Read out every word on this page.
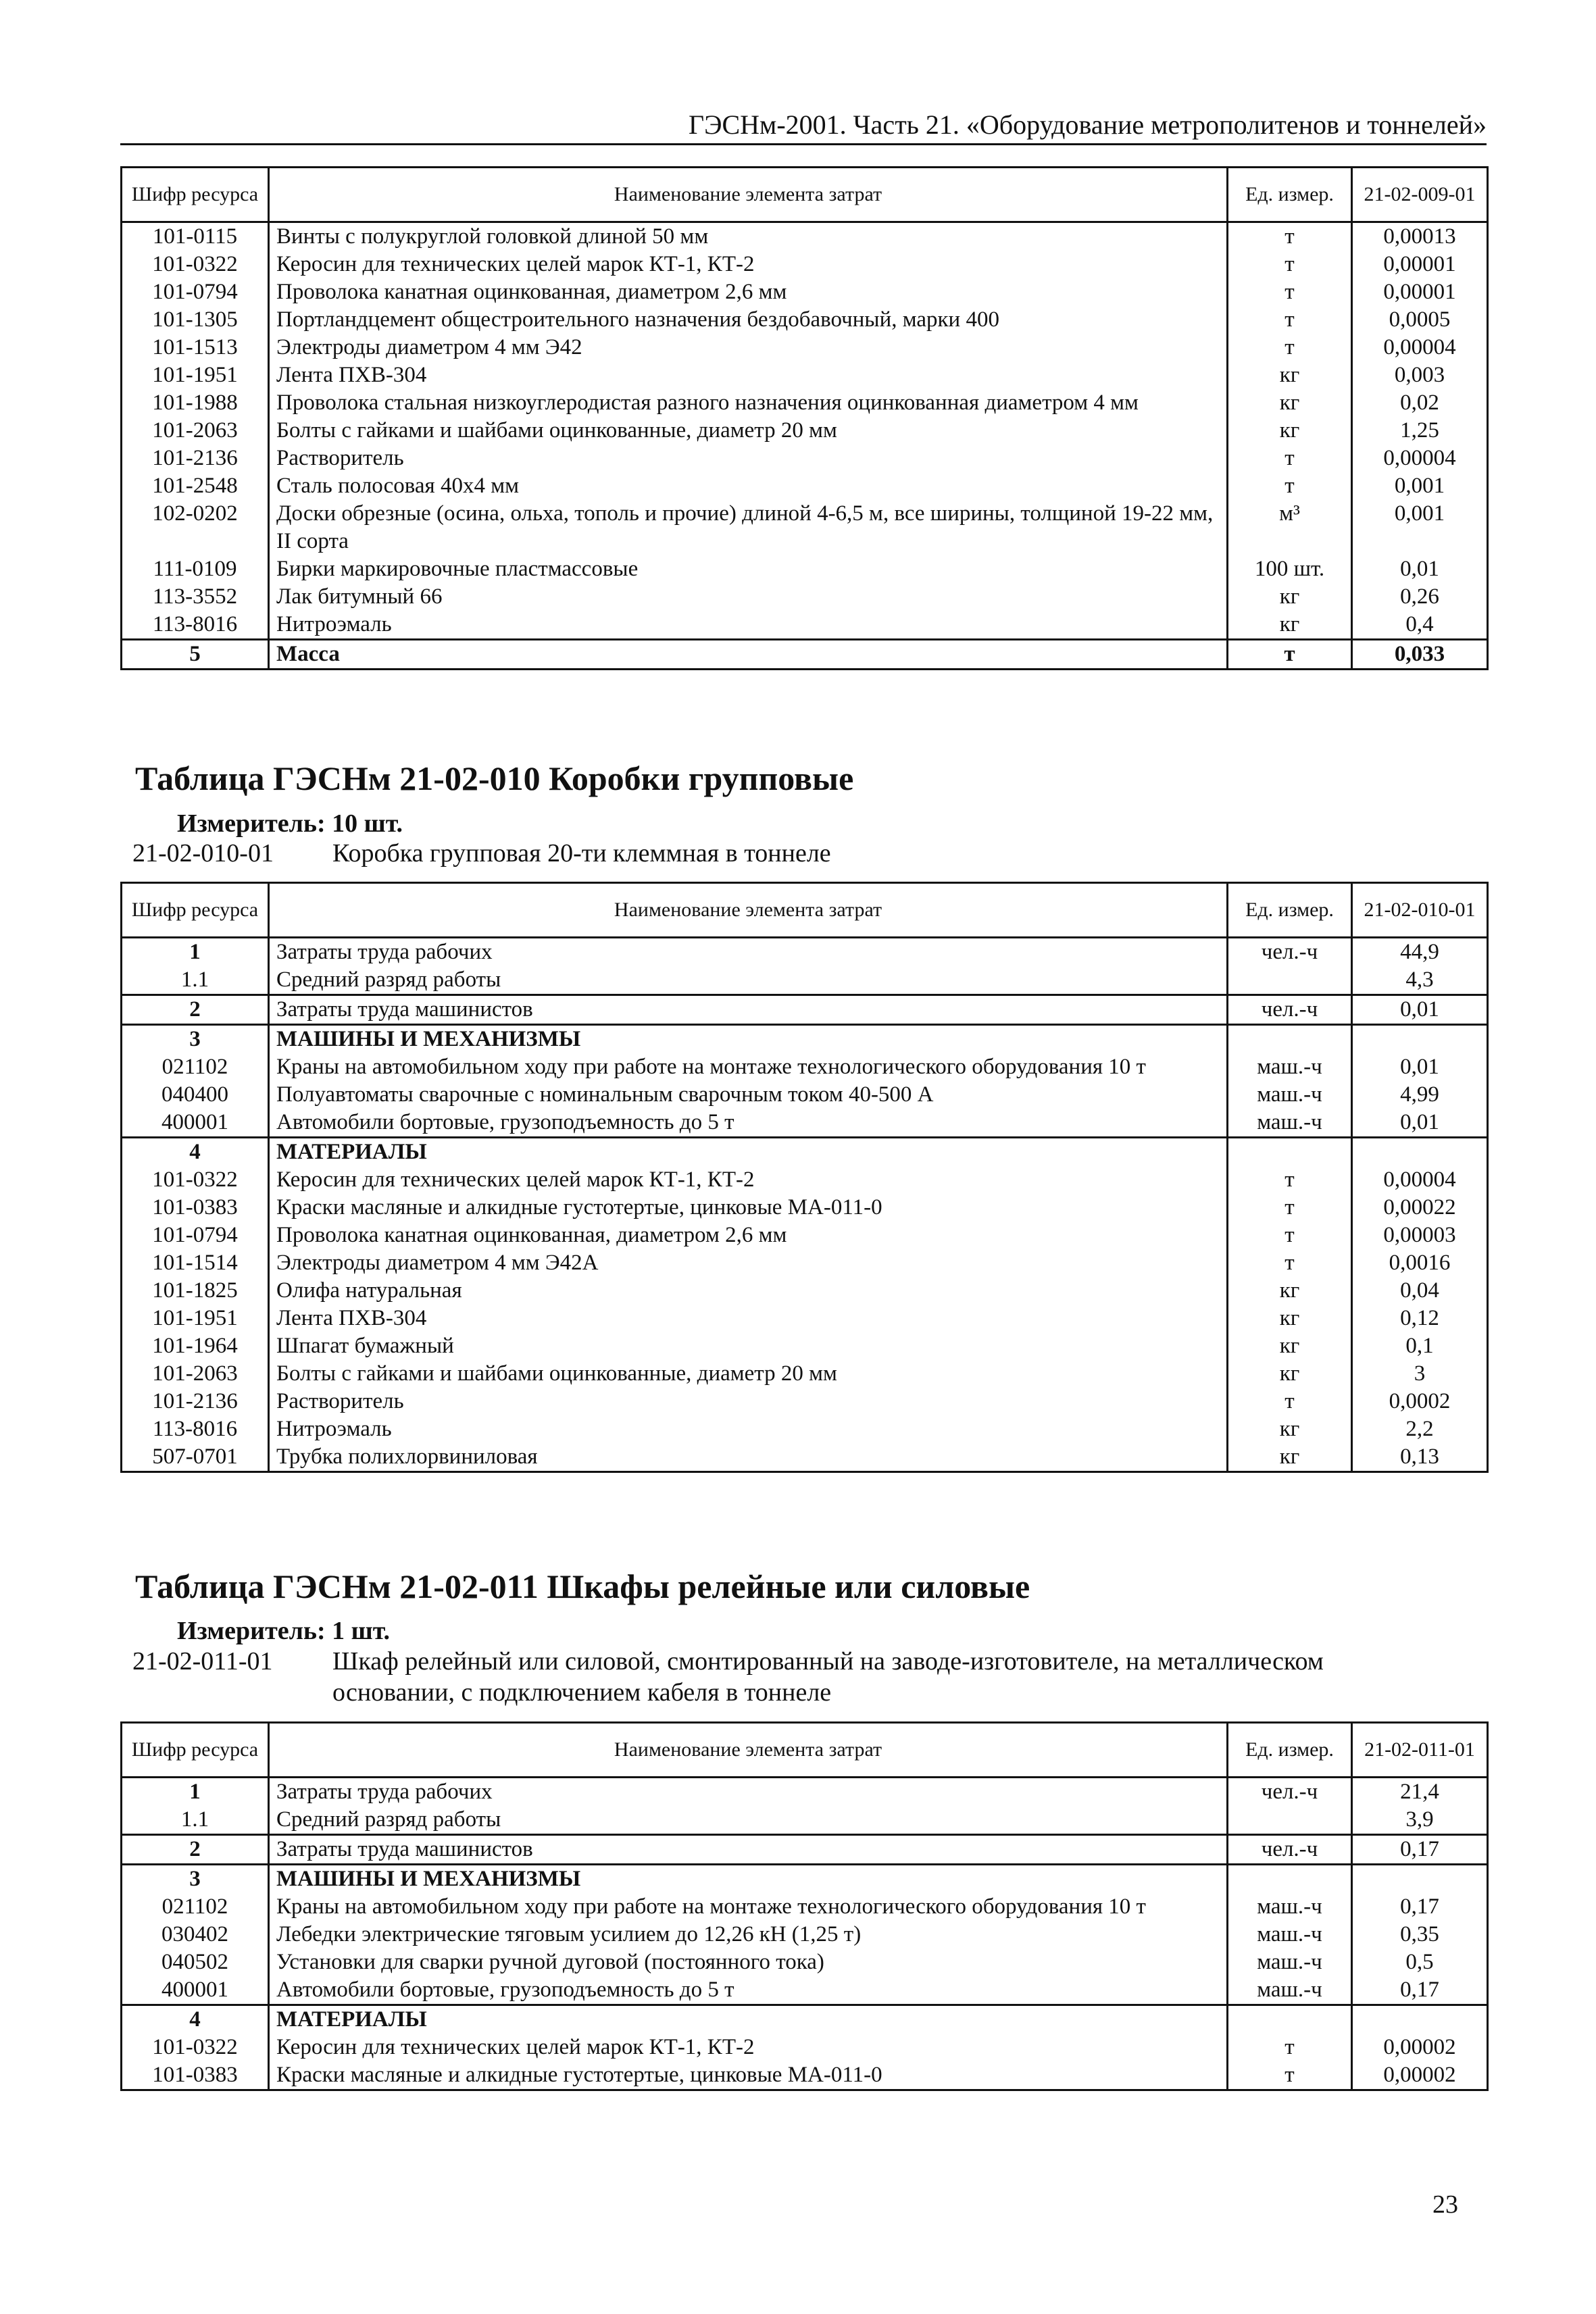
ГЭСНм-2001. Часть 21. «Оборудование метрополитенов и тоннелей»
Шифр ресурса	Наименование элемента затрат	Ед. измер.	21-02-009-01
101-0115	Винты с полукруглой головкой длиной 50 мм	т	0,00013
101-0322	Керосин для технических целей марок КТ-1, КТ-2	т	0,00001
101-0794	Проволока канатная оцинкованная, диаметром 2,6 мм	т	0,00001
101-1305	Портландцемент общестроительного назначения бездобавочный, марки 400	т	0,0005
101-1513	Электроды диаметром 4 мм Э42	т	0,00004
101-1951	Лента ПХВ-304	кг	0,003
101-1988	Проволока стальная низкоуглеродистая разного назначения оцинкованная диаметром 4 мм	кг	0,02
101-2063	Болты с гайками и шайбами оцинкованные, диаметр 20 мм	кг	1,25
101-2136	Растворитель	т	0,00004
101-2548	Сталь полосовая 40х4 мм	т	0,001
102-0202	Доски обрезные (осина, ольха, тополь и прочие) длиной 4-6,5 м, все ширины, толщиной 19-22 мм, II сорта	м³	0,001
111-0109	Бирки маркировочные пластмассовые	100 шт.	0,01
113-3552	Лак битумный 66	кг	0,26
113-8016	Нитроэмаль	кг	0,4
5	Масса	т	0,033
Таблица ГЭСНм 21-02-010 Коробки групповые
Измеритель: 10 шт.
21-02-010-01 Коробка групповая 20-ти клеммная в тоннеле
Шифр ресурса	Наименование элемента затрат	Ед. измер.	21-02-010-01
1	Затраты труда рабочих	чел.-ч	44,9
1.1	Средний разряд работы		4,3
2	Затраты труда машинистов	чел.-ч	0,01
3	МАШИНЫ И МЕХАНИЗМЫ		
021102	Краны на автомобильном ходу при работе на монтаже технологического оборудования 10 т	маш.-ч	0,01
040400	Полуавтоматы сварочные с номинальным сварочным током 40-500 А	маш.-ч	4,99
400001	Автомобили бортовые, грузоподъемность до 5 т	маш.-ч	0,01
4	МАТЕРИАЛЫ		
101-0322	Керосин для технических целей марок КТ-1, КТ-2	т	0,00004
101-0383	Краски масляные и алкидные густотертые, цинковые МА-011-0	т	0,00022
101-0794	Проволока канатная оцинкованная, диаметром 2,6 мм	т	0,00003
101-1514	Электроды диаметром 4 мм Э42А	т	0,0016
101-1825	Олифа натуральная	кг	0,04
101-1951	Лента ПХВ-304	кг	0,12
101-1964	Шпагат бумажный	кг	0,1
101-2063	Болты с гайками и шайбами оцинкованные, диаметр 20 мм	кг	3
101-2136	Растворитель	т	0,0002
113-8016	Нитроэмаль	кг	2,2
507-0701	Трубка полихлорвиниловая	кг	0,13
Таблица ГЭСНм 21-02-011 Шкафы релейные или силовые
Измеритель: 1 шт.
21-02-011-01 Шкаф релейный или силовой, смонтированный на заводе-изготовителе, на металлическом основании, с подключением кабеля в тоннеле
Шифр ресурса	Наименование элемента затрат	Ед. измер.	21-02-011-01
1	Затраты труда рабочих	чел.-ч	21,4
1.1	Средний разряд работы		3,9
2	Затраты труда машинистов	чел.-ч	0,17
3	МАШИНЫ И МЕХАНИЗМЫ		
021102	Краны на автомобильном ходу при работе на монтаже технологического оборудования 10 т	маш.-ч	0,17
030402	Лебедки электрические тяговым усилием до 12,26 кН (1,25 т)	маш.-ч	0,35
040502	Установки для сварки ручной дуговой (постоянного тока)	маш.-ч	0,5
400001	Автомобили бортовые, грузоподъемность до 5 т	маш.-ч	0,17
4	МАТЕРИАЛЫ		
101-0322	Керосин для технических целей марок КТ-1, КТ-2	т	0,00002
101-0383	Краски масляные и алкидные густотертые, цинковые МА-011-0	т	0,00002
23
